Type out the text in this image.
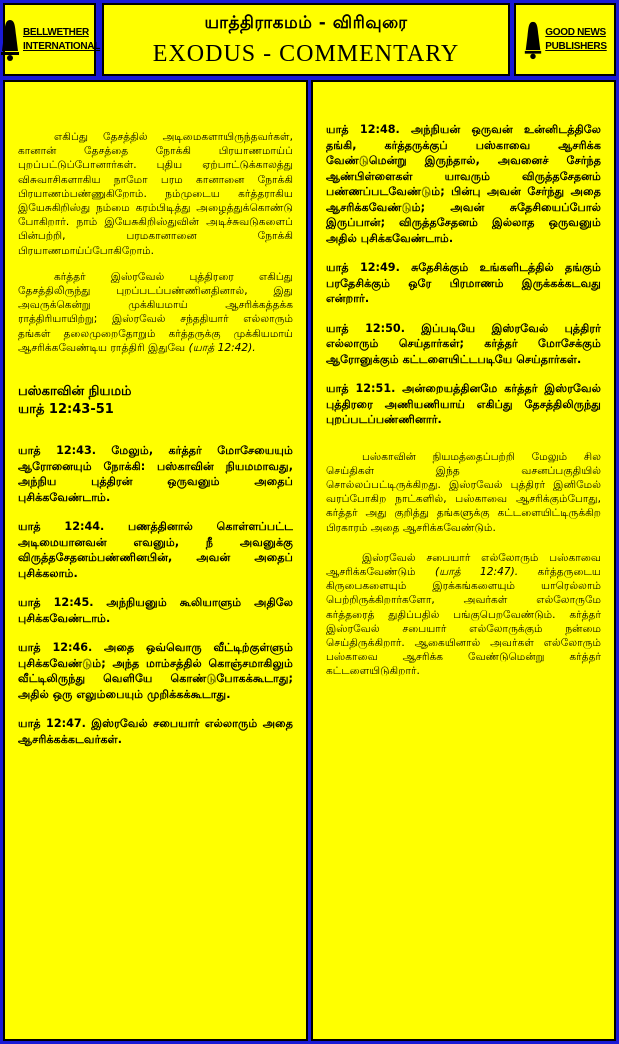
BELLWETHER
INTERNATIONAL
யாத்திராகமம் - விரிவுரை
EXODUS - COMMENTARY
GOOD NEWS
PUBLISHERS

எகிப்து தேசத்தில் அடிமைகளாயிருந்தவர்கள், கானான் தேசத்தை நோக்கி பிரயாணமாய்ப் புறப்பட்டுப்போனார்கள். புதிய ஏற்பாட்டுக்காலத்து விசுவாசிகளாகிய நாமோ பரம கானானை நோக்கி பிரயாணம்பண்ணுகிறோம். நம்முடைய கர்த்தராகிய இயேசுகிறிஸ்து நம்மை கரம்பிடித்து அழைத்துக்கொண்டு போகிறார். நாம் இயேசுகிறிஸ்துவின் அடிச்சுவடுகளைப் பின்பற்றி, பரமகானானை நோக்கி பிரயாணமாய்ப்போகிறோம்.

கர்த்தர் இஸ்ரவேல் புத்திரரை எகிப்து தேசத்திலிருந்து புறப்படப்பண்ணினதினால், இது அவருக்கென்று முக்கியமாய் ஆசரிக்கத்தக்க ராத்திரியாயிற்று; இஸ்ரவேல் சந்ததியார் எல்லாரும் தங்கள் தலைமுறைதோறும் கர்த்தருக்கு முக்கியமாய் ஆசரிக்கவேண்டிய ராத்திரி இதுவே (யாத் 12:42).

பஸ்காவின் நியமம்
யாத் 12:43-51

யாத் 12:43. மேலும், கர்த்தர் மோசேயையும் ஆரோனையும் நோக்கி: பஸ்காவின் நியமமாவது, அந்நிய புத்திரன் ஒருவனும் அதைப் புசிக்கவேண்டாம்.

யாத் 12:44. பணத்தினால் கொள்ளப்பட்ட அடிமையானவன் எவனும், நீ அவனுக்கு விருத்தசேதனம்பண்ணினபின், அவன் அதைப் புசிக்கலாம்.

யாத் 12:45. அந்நியனும் கூலியாளும் அதிலே புசிக்கவேண்டாம்.

யாத் 12:46. அதை ஒவ்வொரு வீட்டிற்குள்ளும் புசிக்கவேண்டும்; அந்த மாம்சத்தில் கொஞ்சமாகிலும் வீட்டிலிருந்து வெளியே கொண்டுபோகக்கூடாது; அதில் ஒரு எலும்பையும் முறிக்கக்கூடாது.

யாத் 12:47. இஸ்ரவேல் சபையார் எல்லாரும் அதை ஆசரிக்கக்கடவர்கள்.

யாத் 12:48. அந்நியன் ஒருவன் உன்னிடத்திலே தங்கி, கர்த்தருக்குப் பஸ்காவை ஆசரிக்க வேண்டுமென்று இருந்தால், அவனைச் சேர்ந்த ஆண்பிள்ளைகள் யாவரும் விருத்தசேதனம் பண்ணப்படவேண்டும்; பின்பு அவன் சேர்ந்து அதை ஆசரிக்கவேண்டும்; அவன் சுதேசியைப்போல் இருப்பான்; விருத்தசேதனம் இல்லாத ஒருவனும் அதில் புசிக்கவேண்டாம்.

யாத் 12:49. சுதேசிக்கும் உங்களிடத்தில் தங்கும் பரதேசிக்கும் ஒரே பிரமாணம் இருக்கக்கடவது என்றார்.

யாத் 12:50. இப்படியே இஸ்ரவேல் புத்திரர் எல்லாரும் செய்தார்கள்; கர்த்தர் மோசேக்கும் ஆரோனுக்கும் கட்டளையிட்டபடியே செய்தார்கள்.

யாத் 12:51. அன்றையத்தினமே கர்த்தர் இஸ்ரவேல் புத்திரரை அணியணியாய் எகிப்து தேசத்திலிருந்து புறப்படப்பண்ணினார்.

பஸ்காவின் நியமத்தைப்பற்றி மேலும் சில செய்திகள் இந்த வசனப்பகுதியில் சொல்லப்பட்டிருக்கிறது. இஸ்ரவேல் புத்திரர் இனிமேல் வரப்போகிற நாட்களில், பஸ்காவை ஆசரிக்கும்போது, கர்த்தர் அது குறித்து தங்களுக்கு கட்டளையிட்டிருக்கிற பிரகாரம் அதை ஆசரிக்கவேண்டும்.

இஸ்ரவேல் சபையார் எல்லோரும் பஸ்காவை ஆசரிக்கவேண்டும் (யாத் 12:47). கர்த்தருடைய கிருபைகளையும் இரக்கங்களையும் யாரெல்லாம் பெற்றிருக்கிறார்களோ, அவர்கள் எல்லோருமே கர்த்தரைத் துதிப்பதில் பங்குபெறவேண்டும். கர்த்தர் இஸ்ரவேல் சபையார் எல்லோருக்கும் நன்மை செய்திருக்கிறார். ஆகையினால் அவர்கள் எல்லோரும் பஸ்காவை ஆசரிக்க வேண்டுமென்று கர்த்தர் கட்டளையிடுகிறார்.
